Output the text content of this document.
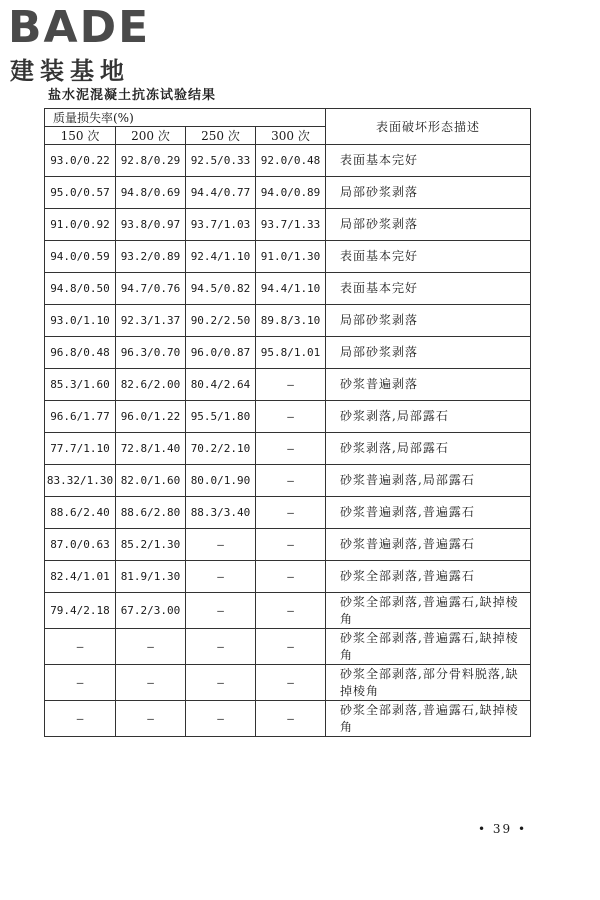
BADE
建装基地
盐水泥混凝土抗冻试验结果
质量损失率(%)				表面破坏形态描述
150 次	200 次	250 次	300 次	
93.0/0.22	92.8/0.29	92.5/0.33	92.0/0.48	表面基本完好
95.0/0.57	94.8/0.69	94.4/0.77	94.0/0.89	局部砂浆剥落
91.0/0.92	93.8/0.97	93.7/1.03	93.7/1.33	局部砂浆剥落
94.0/0.59	93.2/0.89	92.4/1.10	91.0/1.30	表面基本完好
94.8/0.50	94.7/0.76	94.5/0.82	94.4/1.10	表面基本完好
93.0/1.10	92.3/1.37	90.2/2.50	89.8/3.10	局部砂浆剥落
96.8/0.48	96.3/0.70	96.0/0.87	95.8/1.01	局部砂浆剥落
85.3/1.60	82.6/2.00	80.4/2.64	—	砂浆普遍剥落
96.6/1.77	96.0/1.22	95.5/1.80	—	砂浆剥落,局部露石
77.7/1.10	72.8/1.40	70.2/2.10	—	砂浆剥落,局部露石
83.32/1.30	82.0/1.60	80.0/1.90	—	砂浆普遍剥落,局部露石
88.6/2.40	88.6/2.80	88.3/3.40	—	砂浆普遍剥落,普遍露石
87.0/0.63	85.2/1.30	—	—	砂浆普遍剥落,普遍露石
82.4/1.01	81.9/1.30	—	—	砂浆全部剥落,普遍露石
79.4/2.18	67.2/3.00	—	—	砂浆全部剥落,普遍露石,缺掉棱角
—	—	—	—	砂浆全部剥落,普遍露石,缺掉棱角
—	—	—	—	砂浆全部剥落,部分骨料脱落,缺掉棱角
—	—	—	—	砂浆全部剥落,普遍露石,缺掉棱角
• 39 •
